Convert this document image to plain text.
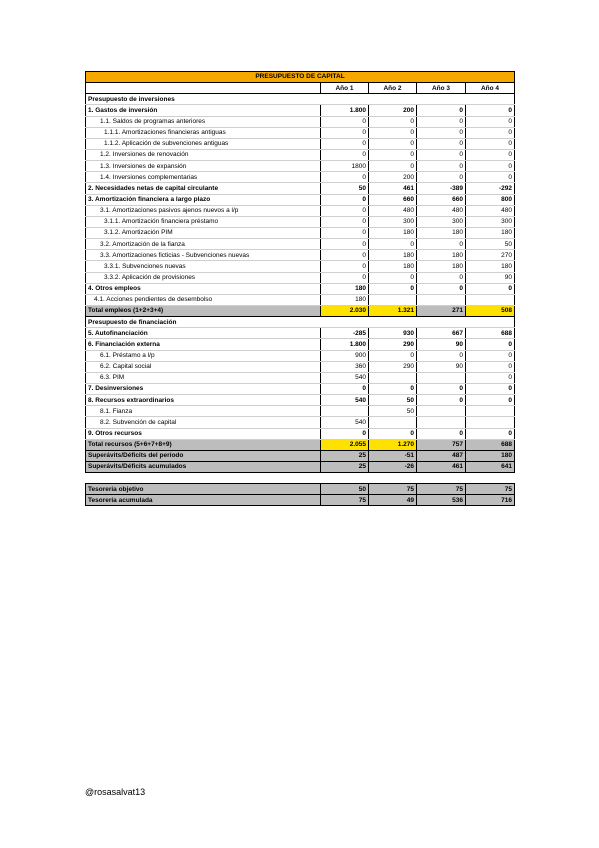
PRESUPUESTO DE CAPITAL				
	Año 1	Año 2	Año 3	Año 4
Presupuesto de inversiones				
1. Gastos de inversión	1.800	200	0	0
1.1. Saldos de programas anteriores	0	0	0	0
1.1.1. Amortizaciones financieras antiguas	0	0	0	0
1.1.2. Aplicación de subvenciones antiguas	0	0	0	0
1.2. Inversiones de renovación	0	0	0	0
1.3. Inversiones de expansión	1800	0	0	0
1.4. Inversiones complementarias	0	200	0	0
2. Necesidades netas de capital circulante	50	461	-389	-292
3. Amortización financiera a largo plazo	0	660	660	800
3.1. Amortizaciones pasivos ajenos nuevos a l/p	0	480	480	480
3.1.1. Amortización financiera préstamo	0	300	300	300
3.1.2. Amortización PIM	0	180	180	180
3.2. Amortización de la fianza	0	0	0	50
3.3. Amortizaciones ficticias - Subvenciones nuevas	0	180	180	270
3.3.1. Subvenciones nuevas	0	180	180	180
3.3.2. Aplicación de provisiones	0	0	0	90
4. Otros empleos	180	0	0	0
4.1. Acciones pendientes de desembolso	180			
Total empleos (1+2+3+4)	2.030	1.321	271	508
Presupuesto de financiación				
5. Autofinanciación	-285	930	667	688
6. Financiación externa	1.800	290	90	0
6.1. Préstamo a l/p	900	0	0	0
6.2. Capital social	360	290	90	0
6.3. PIM	540			0
7. Desinversiones	0	0	0	0
8. Recursos extraordinarios	540	50	0	0
8.1. Fianza		50		
8.2. Subvención de capital	540			
9. Otros recursos	0	0	0	0
Total recursos (5+6+7+8+9)	2.055	1.270	757	688
Superávits/Déficits del período	25	-51	487	180
Superávits/Déficits acumulados	25	-26	461	641

Tesorería objetivo	50	75	75	75
Tesorería acumulada	75	49	536	716
@rosasalvat13
